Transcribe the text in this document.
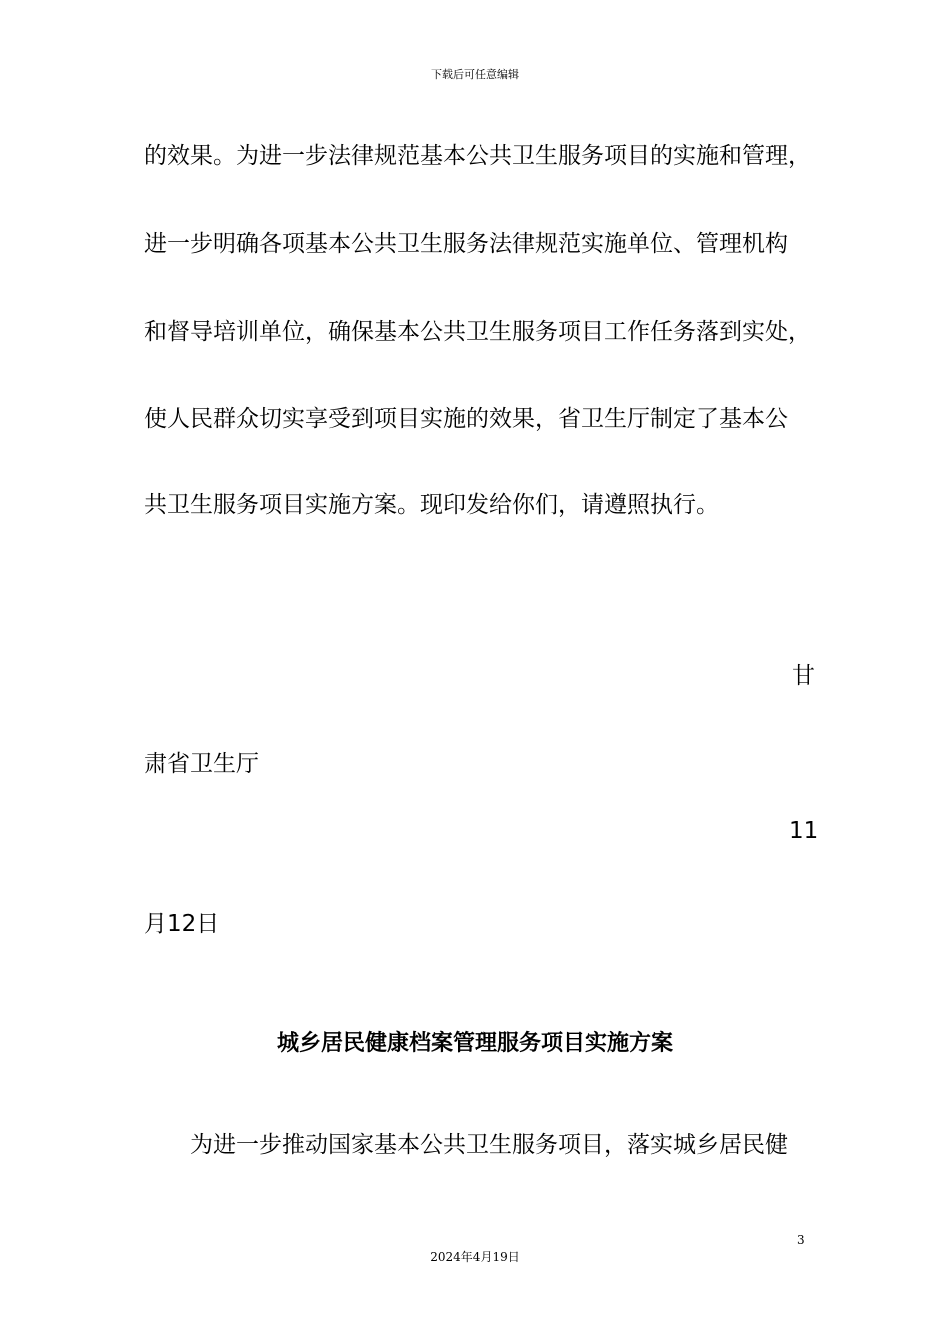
下载后可任意编辑
的效果。为进一步法律规范基本公共卫生服务项目的实施和管理，
进一步明确各项基本公共卫生服务法律规范实施单位、管理机构
和督导培训单位，确保基本公共卫生服务项目工作任务落到实处，
使人民群众切实享受到项目实施的效果，省卫生厅制定了基本公
共卫生服务项目实施方案。现印发给你们，请遵照执行。
甘
肃省卫生厅
11
月12日
城乡居民健康档案管理服务项目实施方案
为进一步推动国家基本公共卫生服务项目，落实城乡居民健
3
2024年4月19日
